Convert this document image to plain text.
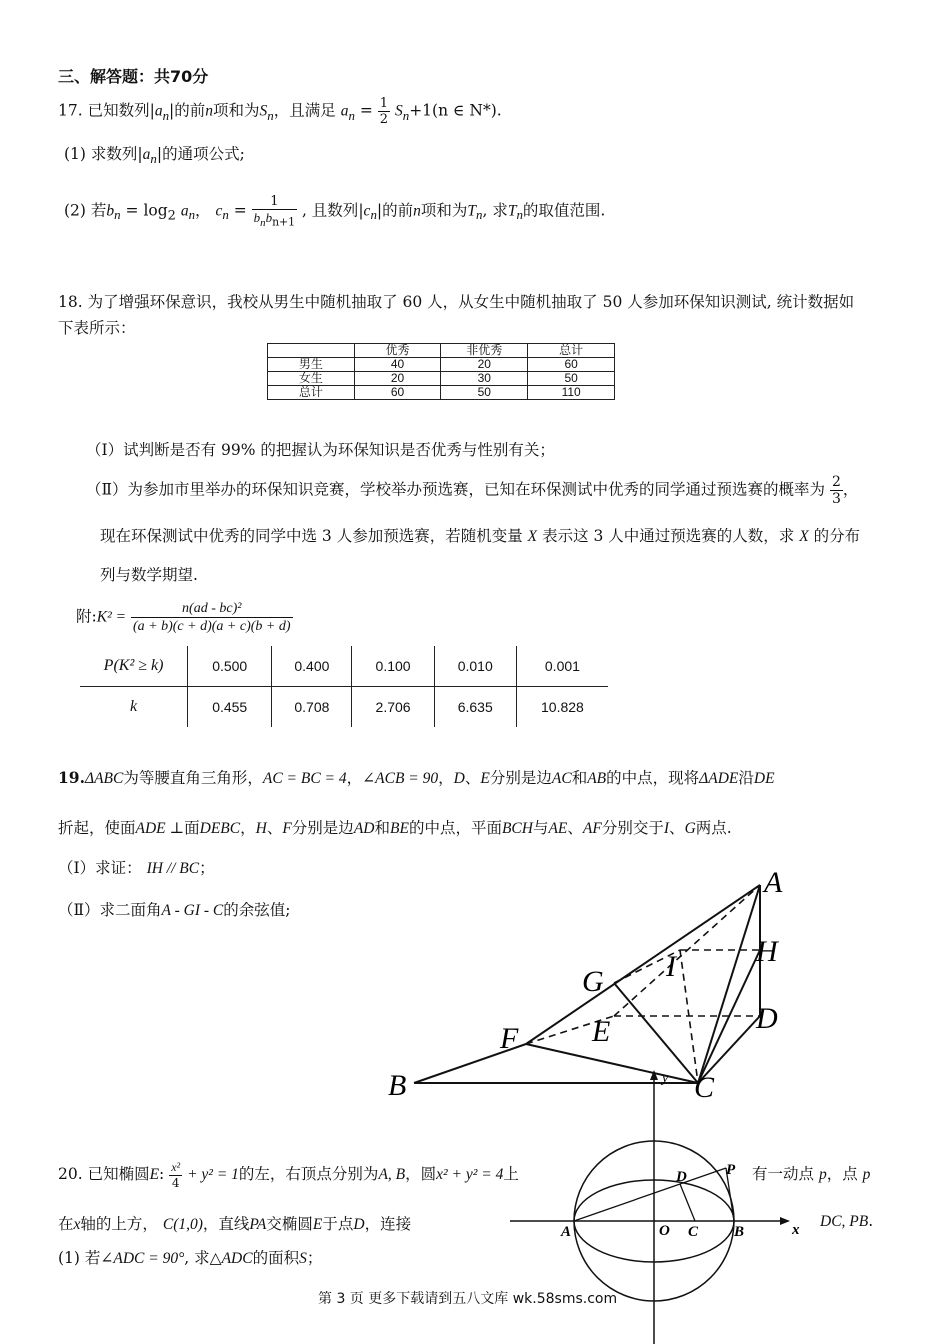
三、解答题：共70分
17. 已知数列$|a_n|$的前n项和为$S_n$，且满足 $a_n = \frac{1}{2} S_n+1(n$ ∈ N*).
(1) 求数列$|a_n|$的通项公式;
(2) 若$b_n = \log_2 a_n$， $c_n = \frac{1}{b_nb_{n+1}}$ , 且数列$|c_n|$的前n项和为$T_n$, 求$T_n$的取值范围.
18. 为了增强环保意识，我校从男生中随机抽取了 60 人，从女生中随机抽取了 50 人参加环保知识测试, 统计数据如
下表所示：
	优秀	非优秀	总计
男生	40	20	60
女生	20	30	50
总计	60	50	110
（Ⅰ）试判断是否有 99% 的把握认为环保知识是否优秀与性别有关；
（Ⅱ）为参加市里举办的环保知识竞赛，学校举办预选赛，已知在环保测试中优秀的同学通过预选赛的概率为 $\frac{2}{3}$ ，
现在环保测试中优秀的同学中选 3 人参加预选赛，若随机变量 X 表示这 3 人中通过预选赛的人数，求 X 的分布
列与数学期望.
附:K² = $\frac{\text{n(ad - bc)²}}{(a + b)(c + d)(a + c)(b + d)}$
P(K² ≥ k)	0.500	0.400	0.100	0.010	0.001
k	0.455	0.708	2.706	6.635	10.828
19.ΔABC为等腰直角三角形，AC = BC = 4，∠ACB = 90，D、E分别是边AC和AB的中点，现将ΔADE沿DE
折起，使面ADE ⊥面DEBC，H、F分别是边AD和BE的中点，平面BCH与AE、AF分别交于I、G两点.
（Ⅰ）求证： IH // BC；
（Ⅱ）求二面角A - GI - C的余弦值;
y
A
H
D
I
G
E
F
B	C
A	O C B
D	P
x
20. 已知椭圆E: $\frac{\text{x²}}{4} + y^2 = 1$的左，右顶点分别为A, B，圆x² + y² = 4上	有一动点 p，点 p
在x轴的上方， C(1,0)，直线PA交椭圆E于点D，连接	DC, PB.
(1) 若∠ADC = 90°, 求△ADC的面积S；
第 3 页 更多下载请到五八文库 wk.58sms.com
